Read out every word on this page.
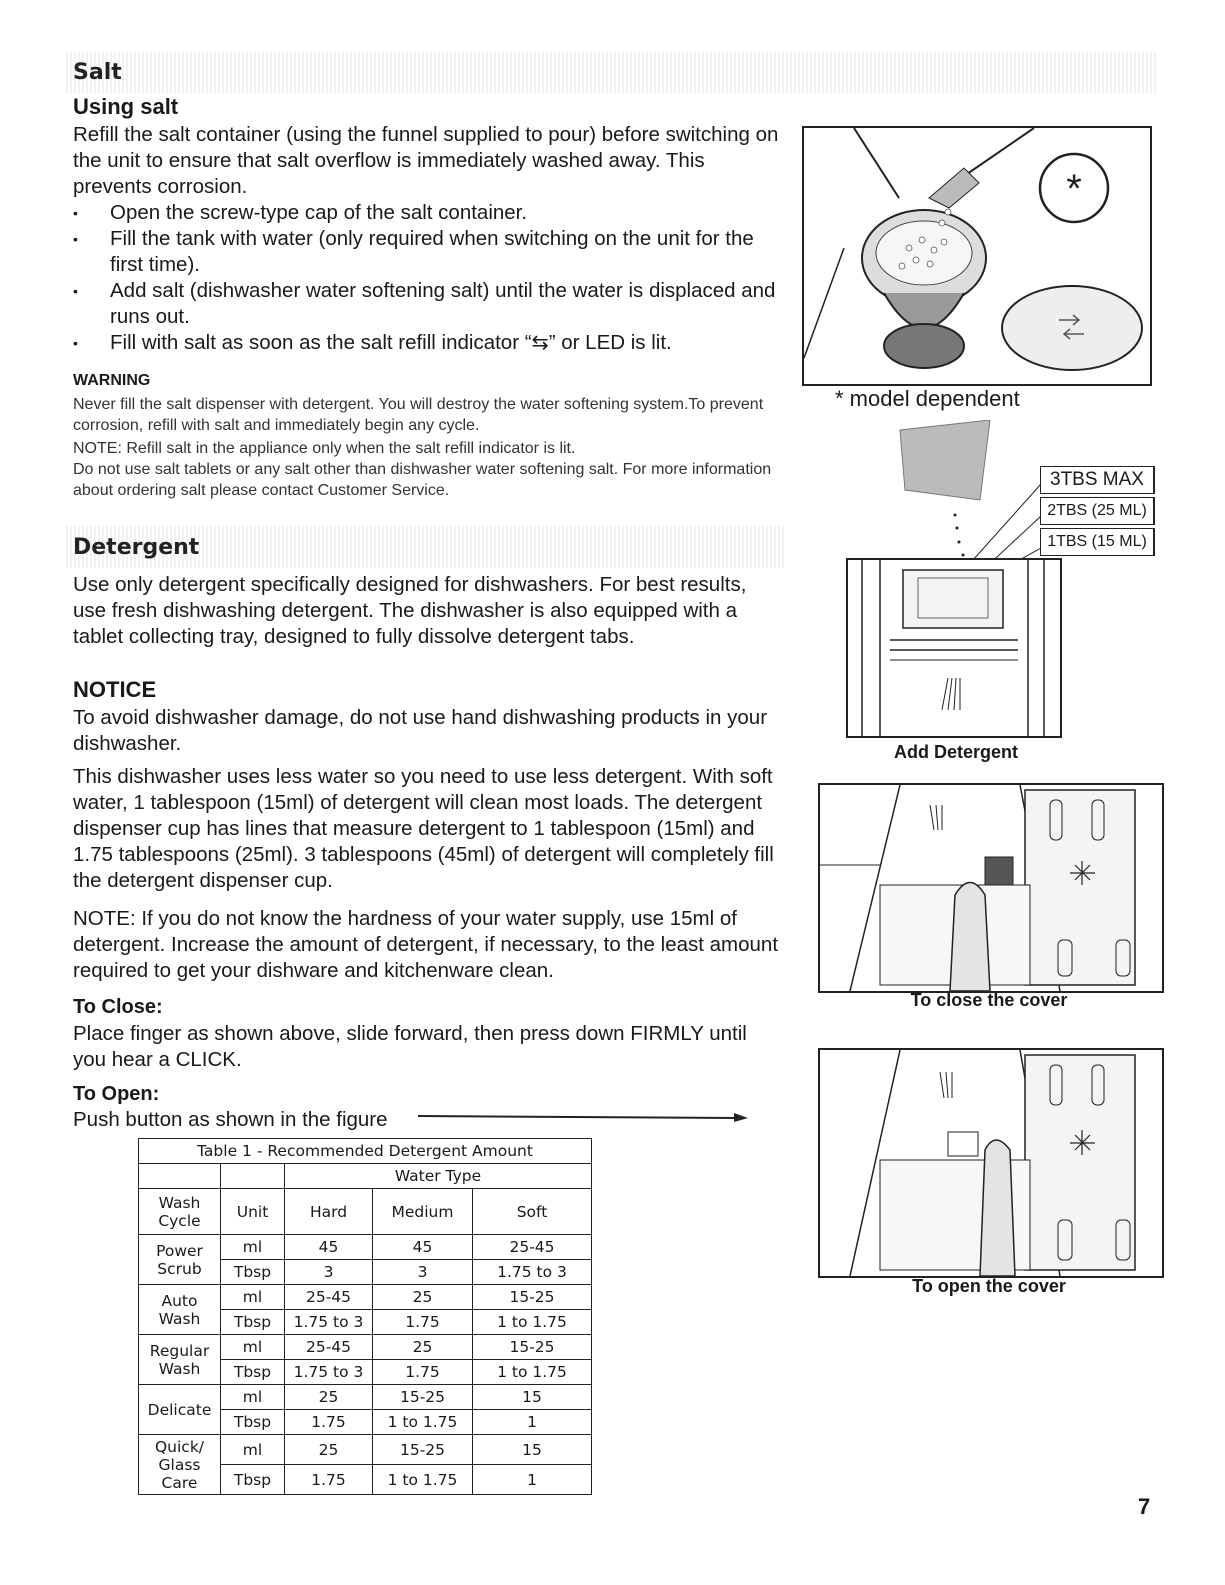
Salt
Using salt

Refill the salt container (using the funnel supplied to pour) before switching on the unit to ensure that salt overflow is immediately washed away. This prevents corrosion.

• Open the screw-type cap of the salt container.

• Fill the tank with water (only required when switching on the unit for the first time).

• Add salt (dishwasher water softening salt) until the water is displaced and runs out.

• Fill with salt as soon as the salt refill indicator “⇆” or LED is lit.

WARNING

Never fill the salt dispenser with detergent. You will destroy the water softening system.To prevent corrosion, refill with salt and immediately begin any cycle.

NOTE: Refill salt in the appliance only when the salt refill indicator is lit.

Do not use salt tablets or any salt other than dishwasher water softening salt. For more information about ordering salt please contact Customer Service.

Detergent
Use only detergent specifically designed for dishwashers. For best results, use fresh dishwashing detergent. The dishwasher is also equipped with a tablet collecting tray, designed to fully dissolve detergent tabs.
NOTICE
To avoid dishwasher damage, do not use hand dishwashing products in your dishwasher.
This dishwasher uses less water so you need to use less detergent. With soft water, 1 tablespoon (15ml) of detergent will clean most loads. The detergent dispenser cup has lines that measure detergent to 1 tablespoon (15ml) and 1.75 tablespoons (25ml). 3 tablespoons (45ml) of detergent will completely fill the detergent dispenser cup.
NOTE: If you do not know the hardness of your water supply, use 15ml of detergent. Increase the amount of detergent, if necessary, to the least amount required to get your dishware and kitchenware clean.
To Close:
Place finger as shown above, slide forward, then press down FIRMLY until you hear a CLICK.
To Open:
Push button as shown in the figure
Table 1 - Recommended Detergent Amount				
		Water Type		
Wash Cycle	Unit	Hard	Medium	Soft
Power Scrub	ml	45	45	25-45
	Tbsp	3	3	1.75 to 3
Auto Wash	ml	25-45	25	15-25
	Tbsp	1.75 to 3	1.75	1 to 1.75
Regular Wash	ml	25-45	25	15-25
	Tbsp	1.75 to 3	1.75	1 to 1.75
Delicate	ml	25	15-25	15
	Tbsp	1.75	1 to 1.75	1
Quick/ Glass Care	ml	25	15-25	15
	Tbsp	1.75	1 to 1.75	1
*
* model dependent
3TBS MAX
2TBS (25 ML)
1TBS (15 ML)
Add Detergent
To close the cover
To open the cover
7
